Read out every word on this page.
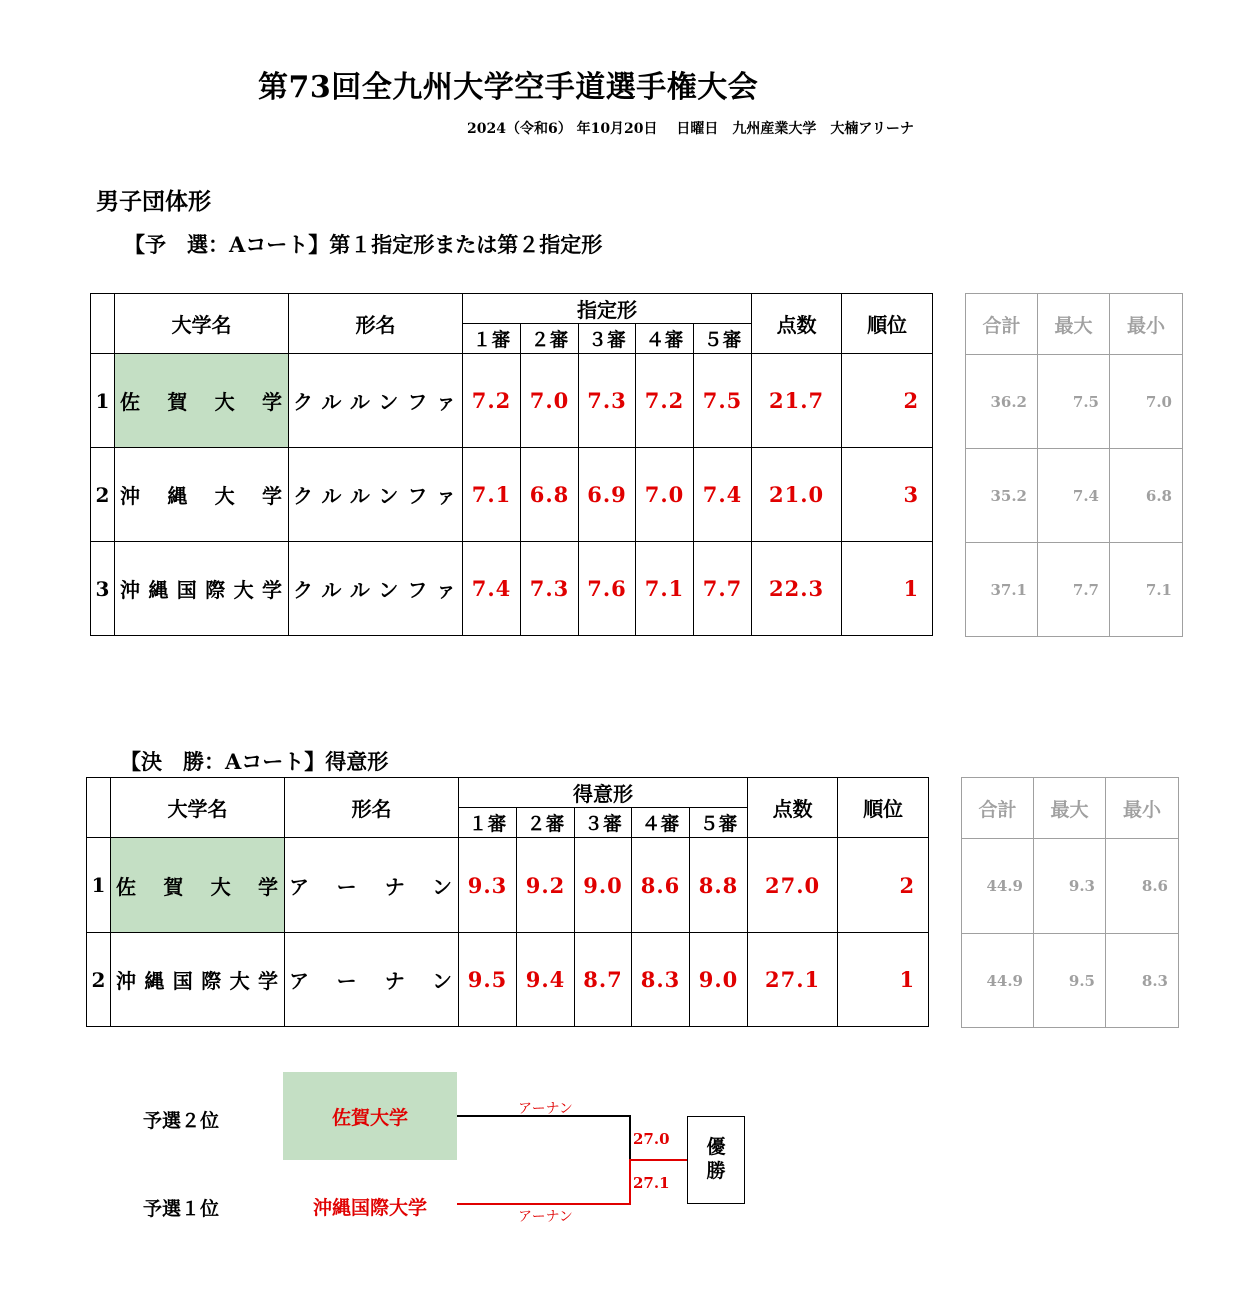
第73回全九州大学空手道選手権大会
2024（令和6） 年10月20日　 日曜日　九州産業大学　大楠アリーナ
男子団体形
【予　選：Aコート】第１指定形または第２指定形
	大学名	形名	指定形					点数	順位
			１審	２審	３審	４審	５審		
1	佐賀大学	クルルンファ	7.2	7.0	7.3	7.2	7.5	21.7	2
2	沖縄大学	クルルンファ	7.1	6.8	6.9	7.0	7.4	21.0	3
3	沖縄国際大学	クルルンファ	7.4	7.3	7.6	7.1	7.7	22.3	1
合計	最大	最小
36.2	7.5	7.0
35.2	7.4	6.8
37.1	7.7	7.1
【決　勝：Aコート】得意形
	大学名	形名	得意形					点数	順位
			１審	２審	３審	４審	５審		
1	佐賀大学	アーナン	9.3	9.2	9.0	8.6	8.8	27.0	2
2	沖縄国際大学	アーナン	9.5	9.4	8.7	8.3	9.0	27.1	1
合計	最大	最小
44.9	9.3	8.6
44.9	9.5	8.3
予選２位
予選１位
佐賀大学
沖縄国際大学
アーナン
アーナン
27.0
27.1
優
勝
